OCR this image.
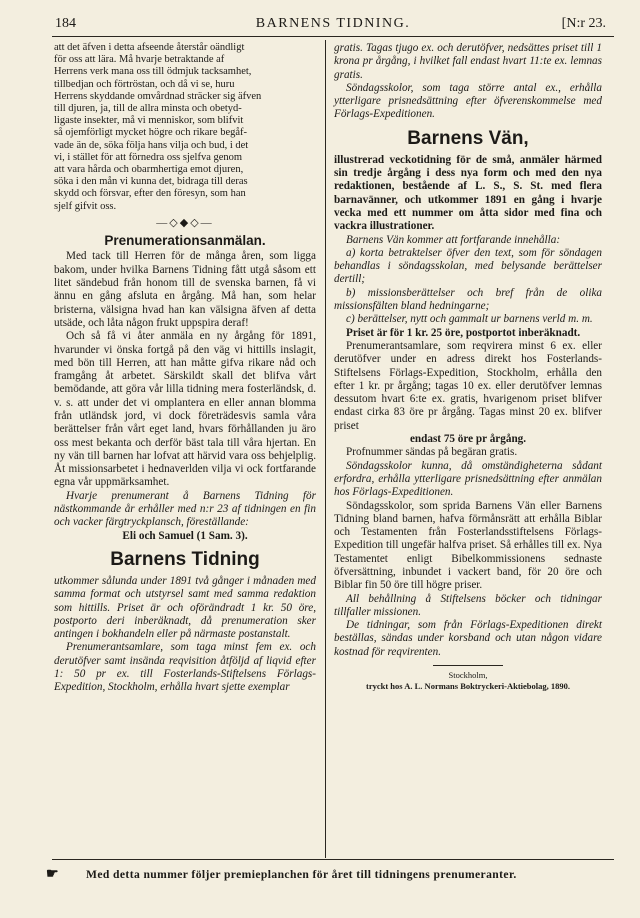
184	BARNENS TIDNING.	[N:r 23.
att det äfven i detta afseende återstår oändligt
för oss att lära. Må hvarje betraktande af
Herrens verk mana oss till ödmjuk tacksamhet,
tillbedjan och förtröstan, och då vi se, huru
Herrens skyddande omvårdnad sträcker sig äfven
till djuren, ja, till de allra minsta och obetyd-
ligaste insekter, må vi menniskor, som blifvit
så ojemförligt mycket högre och rikare begåf-
vade än de, söka följa hans vilja och bud, i det
vi, i stället för att förnedra oss sjelfva genom
att vara hårda och obarmhertiga emot djuren,
söka i den mån vi kunna det, bidraga till deras
skydd och försvar, efter den föresyn, som han
sjelf gifvit oss.
—◇◆◇—
Prenumerationsanmälan.

Med tack till Herren för de många åren, som ligga bakom, under hvilka Barnens Tidning fått utgå såsom ett litet sändebud från honom till de svenska barnen, få vi ännu en gång afsluta en årgång. Må han, som helar bristerna, välsigna hvad han kan välsigna äfven af detta utsäde, och låta någon frukt uppspira deraf!

Och så få vi åter anmäla en ny årgång för 1891, hvarunder vi önska fortgå på den väg vi hittills inslagit, med bön till Herren, att han måtte gifva rikare nåd och framgång åt arbetet. Särskildt skall det blifva vårt bemödande, att göra vår lilla tidning mera fosterländsk, d. v. s. att under det vi omplantera en eller annan blomma från utländsk jord, vi dock företrädesvis samla våra berättelser från vårt eget land, hvars förhållanden ju äro oss mest bekanta och derför bäst tala till våra hjertan. En ny vän till barnen har lofvat att härvid vara oss behjelplig. Åt missionsarbetet i hednaverlden vilja vi ock fortfarande egna vår uppmärksamhet.

Hvarje prenumerant å Barnens Tidning för nästkommande år erhåller med n:r 23 af tidningen en fin och vacker färgtryckplansch, föreställande:

Eli och Samuel (1 Sam. 3).

Barnens Tidning

utkommer sålunda under 1891 två gånger i månaden med samma format och utstyrsel samt med samma redaktion som hittills. Priset är och oförändradt 1 kr. 50 öre, postporto deri inberäknadt, då prenumeration sker antingen i bokhandeln eller på närmaste postanstalt.

Prenumerantsamlare, som taga minst fem ex. och derutöfver samt insända reqvisition åtföljd af liqvid efter 1: 50 pr ex. till Fosterlands-Stiftelsens Förlags-Expedition, Stockholm, erhålla hvart sjette exemplar

gratis. Tagas tjugo ex. och derutöfver, nedsättes priset till 1 krona pr årgång, i hvilket fall endast hvart 11:te ex. lemnas gratis.

Söndagsskolor, som taga större antal ex., erhålla ytterligare prisnedsättning efter öfverenskommelse med Förlags-Expeditionen.

Barnens Vän,

illustrerad veckotidning för de små, anmäler härmed sin tredje årgång i dess nya form och med den nya redaktionen, bestående af L. S., S. St. med flera barnavänner, och utkommer 1891 en gång i hvarje vecka med ett nummer om åtta sidor med fina och vackra illustrationer.

Barnens Vän kommer att fortfarande innehålla:

a) korta betraktelser öfver den text, som för söndagen behandlas i söndagsskolan, med belysande berättelser dertill;

b) missionsberättelser och bref från de olika missionsfälten bland hedningarne;

c) berättelser, nytt och gammalt ur barnens verld m. m.

Priset är för 1 kr. 25 öre, postportot inberäknadt.

Prenumerantsamlare, som reqvirera minst 6 ex. eller derutöfver under en adress direkt hos Fosterlands-Stiftelsens Förlags-Expedition, Stockholm, erhålla den efter 1 kr. pr årgång; tagas 10 ex. eller derutöfver lemnas dessutom hvart 6:te ex. gratis, hvarigenom priset blifver endast cirka 83 öre pr årgång. Tagas minst 20 ex. blifver priset

endast 75 öre pr årgång.

Profnummer sändas på begäran gratis.

Söndagsskolor kunna, då omständigheterna sådant erfordra, erhålla ytterligare prisnedsättning efter anmälan hos Förlags-Expeditionen.

Söndagsskolor, som sprida Barnens Vän eller Barnens Tidning bland barnen, hafva förmånsrätt att erhålla Biblar och Testamenten från Fosterlandsstiftelsens Förlags-Expedition till ungefär halfva priset. Så erhålles till ex. Nya Testamentet enligt Bibelkommissionens sednaste öfversättning, inbundet i vackert band, för 20 öre och Biblar fin 50 öre till högre priser.

All behållning å Stiftelsens böcker och tidningar tillfaller missionen.

De tidningar, som från Förlags-Expeditionen direkt beställas, sändas under korsband och utan någon vidare kostnad för reqvirenten.

Stockholm,
tryckt hos A. L. Normans Boktryckeri-Aktiebolag, 1890.
☛ Med detta nummer följer premieplanchen för året till tidningens prenumeranter.
